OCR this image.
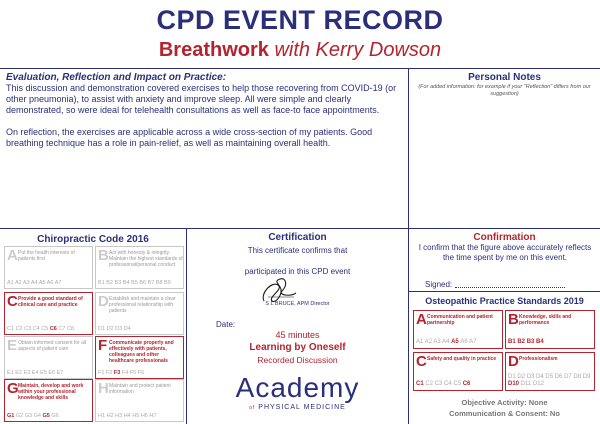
CPD EVENT RECORD
Breathwork with Kerry Dowson
Evaluation, Reflection and Impact on Practice:
This discussion and demonstration covered exercises to help those recovering from COVID-19 (or other pneumonia), to assist with anxiety and improve sleep. All were simple and clearly demonstrated, so were ideal for telehealth consultations as well as face-to face appointments.
On reflection, the exercises are applicable across a wide cross-section of my patients. Good breathing technique has a role in pain-relief, as well as maintaining overall health.
Personal Notes
(For added information: for example if your "Reflection" differs from our suggestion)
Chiropractic Code 2016
A Put the health interests of patients first
A1 A2 A3 A4 A5 A6 A7
B Act with honesty & integrity. Maintain the highest standards of professional/personal conduct
B1 B2 B3 B4 B5 B6 B7 B8 B9
C Provide a good standard of clinical care and practice
C1 C2 C3 C4 C5 C6 C7 C8
D Establish and maintain a clear professional relationship with patients
D1 D2 D3 D4
E Obtain informed consent for all aspects of patient care
E1 E2 E3 E4 E5 E6 E7
F Communicate properly and effectively with patients, colleagues and other healthcare professionals
F1 F2 F3 F4 F5 F6
G Maintain, develop and work within your professional knowledge and skills
G1 G2 G3 G4 G5 G6
H Maintain and protect patient information
H1 H2 H3 H4 H5 H6 H7
Certification
This certificate confirms that
participated in this CPD event
S L BRUCE, APM Director
Date:
45 minutes
Learning by Oneself
Recorded Discussion
Academy
of PHYSICAL MEDICINE
Confirmation
I confirm that the figure above accurately reflects the time spent by me on this event.
Signed:
Osteopathic Practice Standards 2019
A Communication and patient partnership
A1 A2 A3 A4 A5 A6 A7
B Knowledge, skills and performance
B1 B2 B3 B4
C Safety and quality in practice
C1 C2 C3 C4 C5 C6
D Professionalism
D1 D2 D3 D4 D5 D6 D7 D8 D9 D10 D11 D12
Objective Activity: None
Communication & Consent: No
